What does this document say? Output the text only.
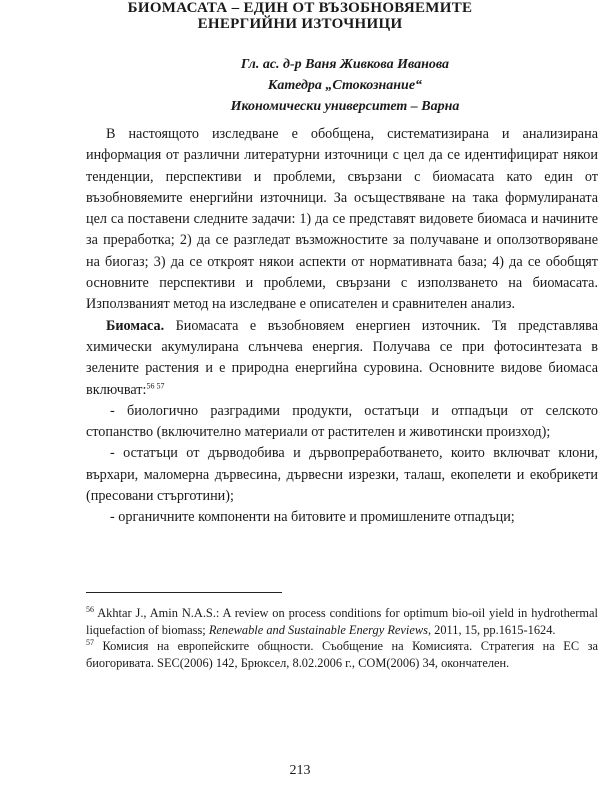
БИОМАСАТА – ЕДИН ОТ ВЪЗОБНОВЯЕМИТЕ
ЕНЕРГИЙНИ ИЗТОЧНИЦИ
Гл. ас. д-р Ваня Живкова Иванова
Катедра „Стокознание“
Икономически университет – Варна

В настоящото изследване е обобщена, систематизирана и анализирана информация от различни литературни източници с цел да се идентифицират някои тенденции, перспективи и проблеми, свързани с биомасата като един от възобновяемите енергийни източници. За осъществяване на така формулираната цел са поставени следните задачи: 1) да се представят видовете биомаса и начините за преработка; 2) да се разгледат възможностите за получаване и оползотворяване на биогаз; 3) да се откроят някои аспекти от нормативната база; 4) да се обобщят основните перспективи и проблеми, свързани с използването на биомасата. Използваният метод на изследване е описателен и сравнителен анализ.

Биомаса. Биомасата е възобновяем енергиен източник. Тя представлява химически акумулирана слънчева енергия. Получава се при фотосинтезата в зелените растения и е природна енергийна суровина. Основните видове биомаса включват:$^{56 57}$

- биологично разградими продукти, остатъци и отпадъци от селското стопанство (включително материали от растителен и животински произход);

- остатъци от дърводобива и дървопреработването, които включват клони, върхари, маломерна дървесина, дървесни изрезки, талаш, екопелети и екобрикети (пресовани стърготини);

- органичните компоненти на битовите и промишлените отпадъци;

$^{56}$ Akhtar J., Amin N.A.S.: A review on process conditions for optimum bio-oil yield in hydrothermal liquefaction of biomass; Renewable and Sustainable Energy Reviews, 2011, 15, pp.1615-1624.

$^{57}$ Комисия на европейските общности. Съобщение на Комисията. Стратегия на ЕС за биогоривата. SEC(2006) 142, Брюксел, 8.02.2006 г., COM(2006) 34, окончателен.

213
